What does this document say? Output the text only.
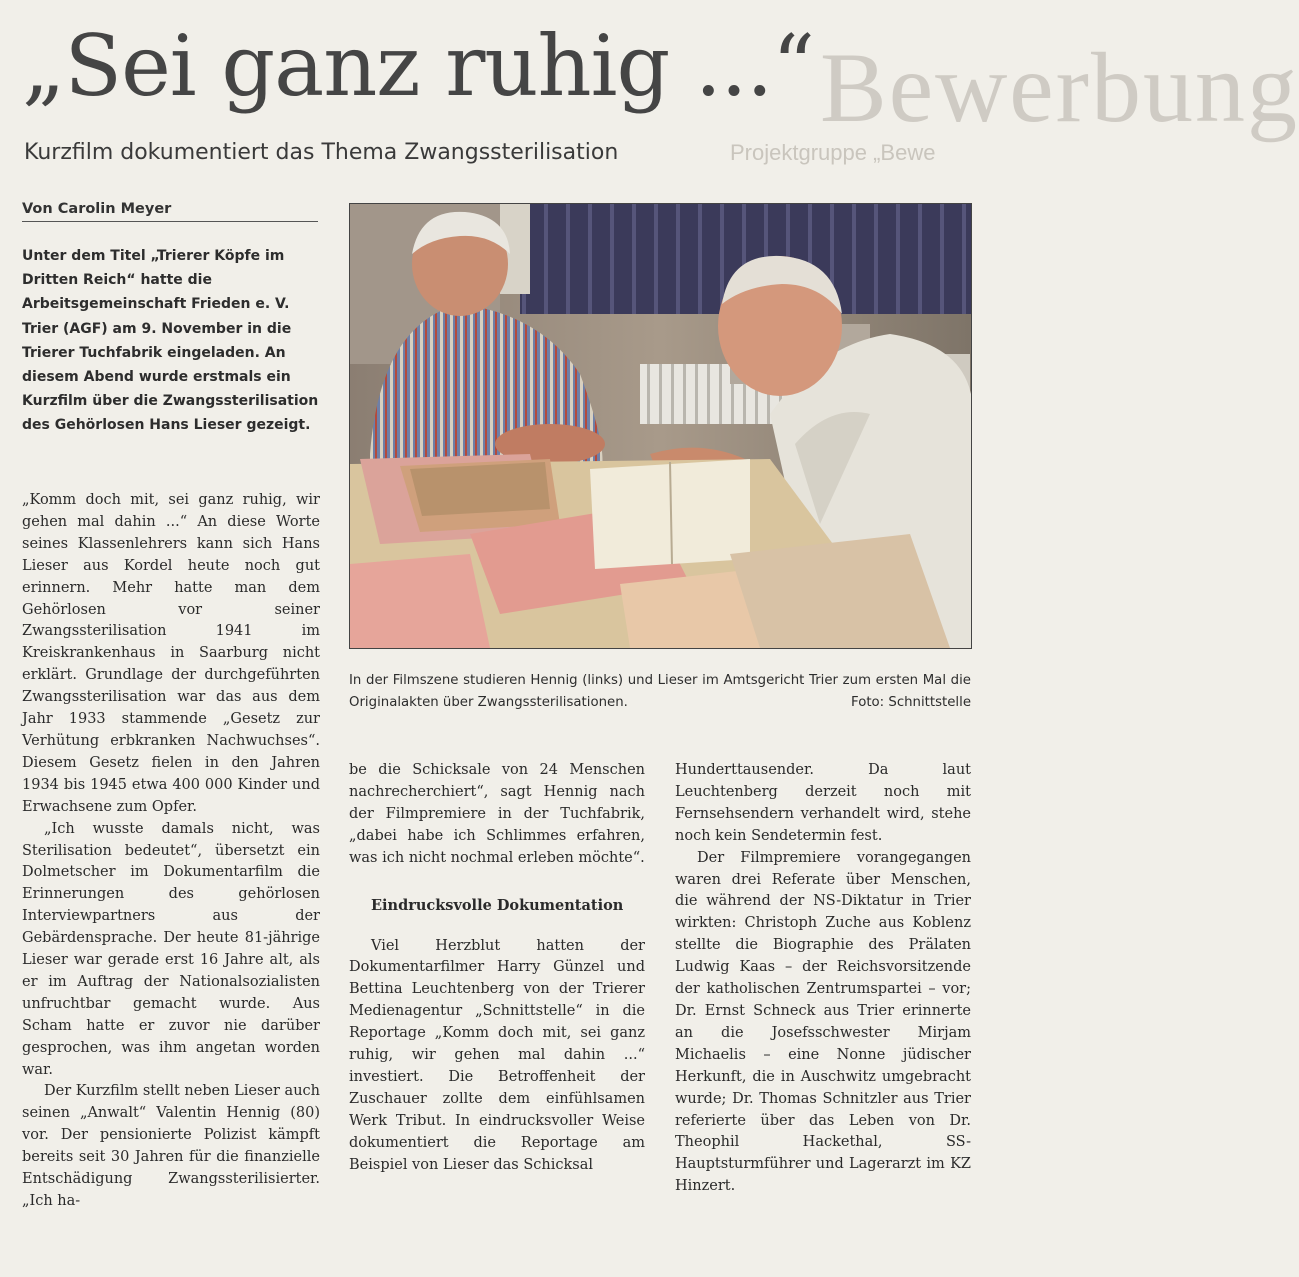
Bewerbung
Projektgruppe „Bewe
„Sei ganz ruhig ...“
Kurzfilm dokumentiert das Thema Zwangssterilisation
Von Carolin Meyer

Unter dem Titel „Trierer Köpfe im Dritten Reich“ hatte die Arbeitsgemeinschaft Frieden e. V. Trier (AGF) am 9. November in die Trierer Tuchfabrik eingeladen. An diesem Abend wurde erstmals ein Kurzfilm über die Zwangssterilisation des Gehörlosen Hans Lieser gezeigt.

„Komm doch mit, sei ganz ruhig, wir gehen mal dahin ...“ An diese Worte seines Klassenlehrers kann sich Hans Lieser aus Kordel heute noch gut erinnern. Mehr hatte man dem Gehörlosen vor seiner Zwangssterilisation 1941 im Kreiskrankenhaus in Saarburg nicht erklärt. Grundlage der durchgeführten Zwangssterilisation war das aus dem Jahr 1933 stammende „Gesetz zur Verhütung erbkranken Nachwuchses“. Diesem Gesetz fielen in den Jahren 1934 bis 1945 etwa 400 000 Kinder und Erwachsene zum Opfer.

„Ich wusste damals nicht, was Sterilisation bedeutet“, übersetzt ein Dolmetscher im Dokumentarfilm die Erinnerungen des gehörlosen Interviewpartners aus der Gebärdensprache. Der heute 81-jährige Lieser war gerade erst 16 Jahre alt, als er im Auftrag der Nationalsozialisten unfruchtbar gemacht wurde. Aus Scham hatte er zuvor nie darüber gesprochen, was ihm angetan worden war.

Der Kurzfilm stellt neben Lieser auch seinen „Anwalt“ Valentin Hennig (80) vor. Der pensionierte Polizist kämpft bereits seit 30 Jahren für die finanzielle Entschädigung Zwangssterilisierter. „Ich ha-

In der Filmszene studieren Hennig (links) und Lieser im Amtsgericht Trier zum ersten Mal die Originalakten über Zwangssterilisationen.	Foto: Schnittstelle

be die Schicksale von 24 Menschen nachrecherchiert“, sagt Hennig nach der Filmpremiere in der Tuchfabrik, „dabei habe ich Schlimmes erfahren, was ich nicht nochmal erleben möchte“.

Eindrucksvolle Dokumentation

Viel Herzblut hatten der Dokumentarfilmer Harry Günzel und Bettina Leuchtenberg von der Trierer Medienagentur „Schnittstelle“ in die Reportage „Komm doch mit, sei ganz ruhig, wir gehen mal dahin ...“ investiert. Die Betroffenheit der Zuschauer zollte dem einfühlsamen Werk Tribut. In eindrucksvoller Weise dokumentiert die Reportage am Beispiel von Lieser das Schicksal

Hunderttausender. Da laut Leuchtenberg derzeit noch mit Fernsehsendern verhandelt wird, stehe noch kein Sendetermin fest.

Der Filmpremiere vorangegangen waren drei Referate über Menschen, die während der NS-Diktatur in Trier wirkten: Christoph Zuche aus Koblenz stellte die Biographie des Prälaten Ludwig Kaas – der Reichsvorsitzende der katholischen Zentrumspartei – vor; Dr. Ernst Schneck aus Trier erinnerte an die Josefsschwester Mirjam Michaelis – eine Nonne jüdischer Herkunft, die in Auschwitz umgebracht wurde; Dr. Thomas Schnitzler aus Trier referierte über das Leben von Dr. Theophil Hackethal, SS-Hauptsturmführer und Lagerarzt im KZ Hinzert.
